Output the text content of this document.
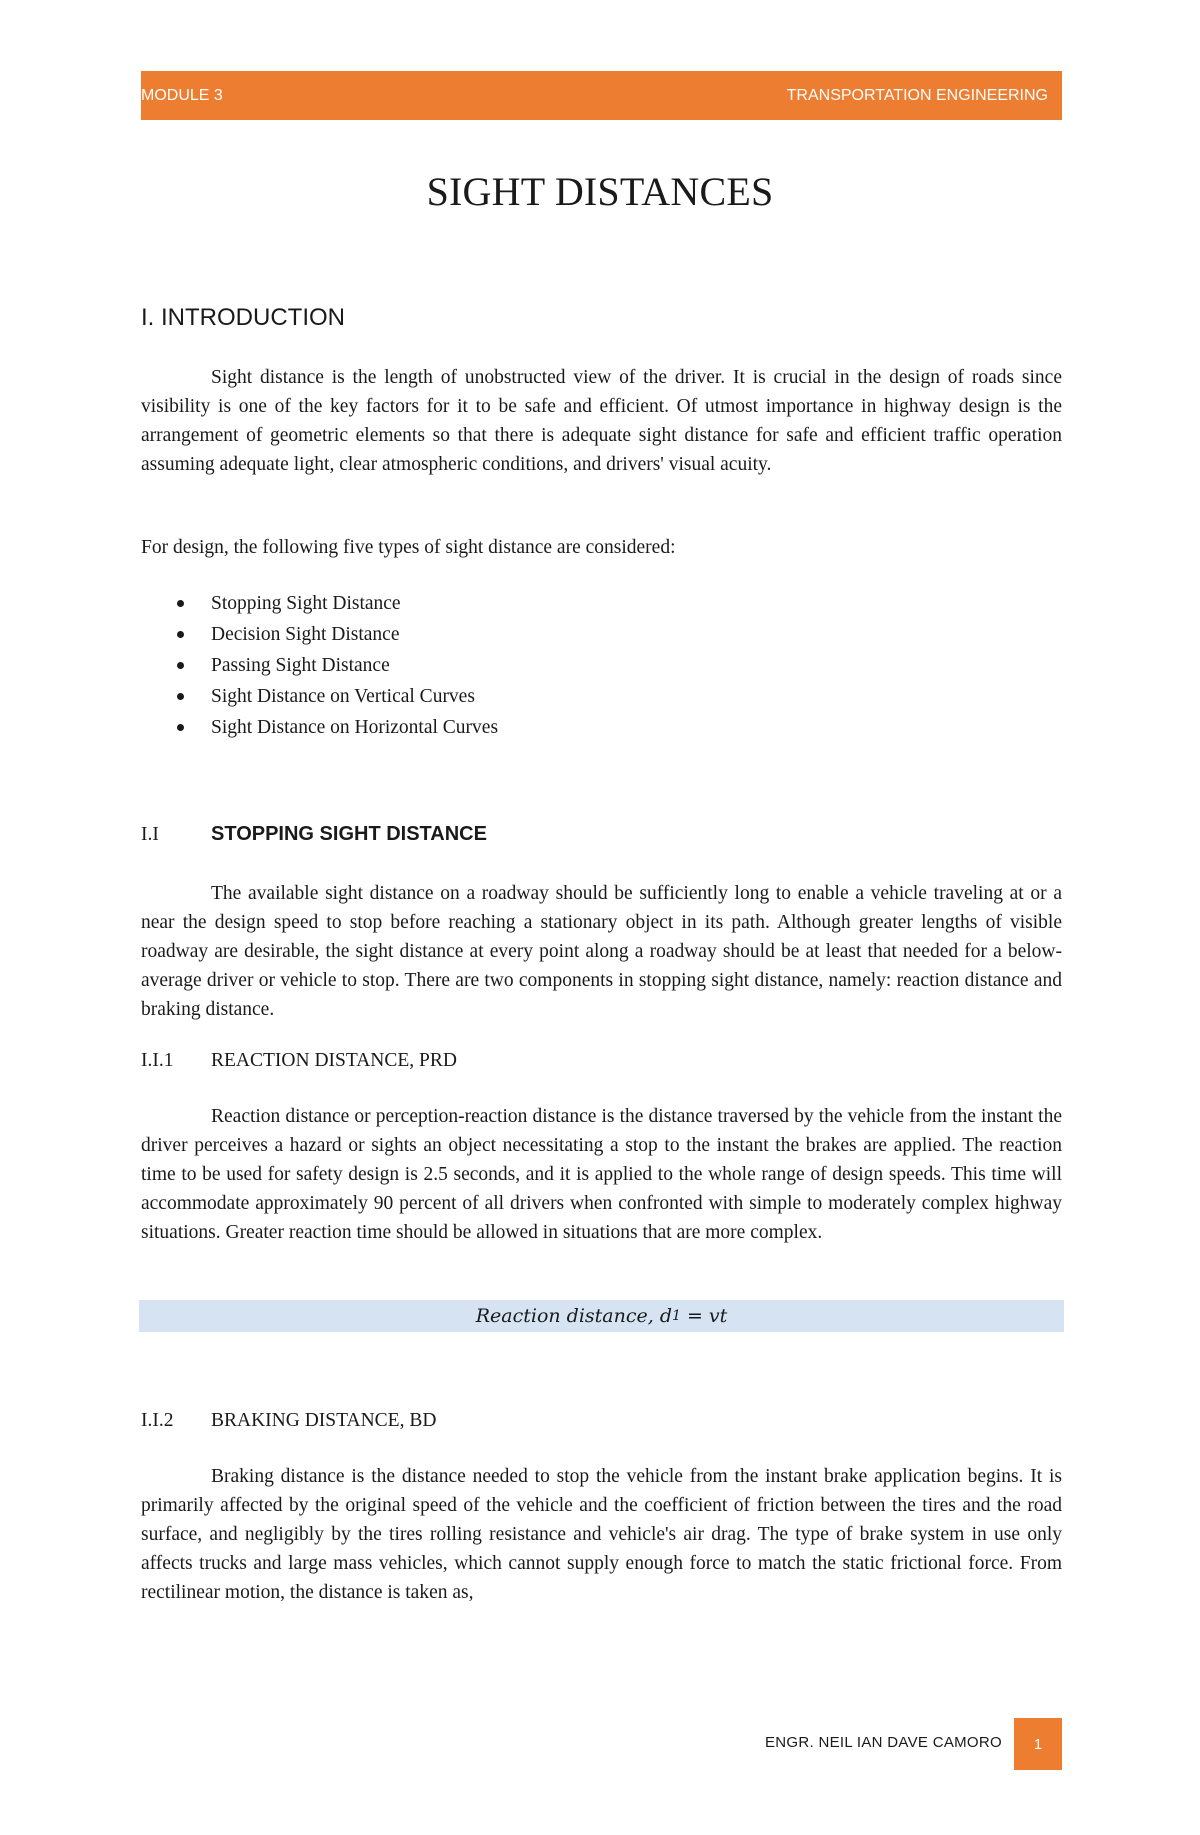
MODULE 3	TRANSPORTATION ENGINEERING
SIGHT DISTANCES
I. INTRODUCTION

Sight distance is the length of unobstructed view of the driver. It is crucial in the design of roads since visibility is one of the key factors for it to be safe and efficient. Of utmost importance in highway design is the arrangement of geometric elements so that there is adequate sight distance for safe and efficient traffic operation assuming adequate light, clear atmospheric conditions, and drivers' visual acuity.

For design, the following five types of sight distance are considered:

Stopping Sight Distance
Decision Sight Distance
Passing Sight Distance
Sight Distance on Vertical Curves
Sight Distance on Horizontal Curves
I.I	STOPPING SIGHT DISTANCE

The available sight distance on a roadway should be sufficiently long to enable a vehicle traveling at or a near the design speed to stop before reaching a stationary object in its path. Although greater lengths of visible roadway are desirable, the sight distance at every point along a roadway should be at least that needed for a below-average driver or vehicle to stop. There are two components in stopping sight distance, namely: reaction distance and braking distance.

I.I.1	REACTION DISTANCE, PRD

Reaction distance or perception-reaction distance is the distance traversed by the vehicle from the instant the driver perceives a hazard or sights an object necessitating a stop to the instant the brakes are applied. The reaction time to be used for safety design is 2.5 seconds, and it is applied to the whole range of design speeds. This time will accommodate approximately 90 percent of all drivers when confronted with simple to moderately complex highway situations. Greater reaction time should be allowed in situations that are more complex.

Reaction distance, d 1 = vt
I.I.2	BRAKING DISTANCE, BD

Braking distance is the distance needed to stop the vehicle from the instant brake application begins. It is primarily affected by the original speed of the vehicle and the coefficient of friction between the tires and the road surface, and negligibly by the tires rolling resistance and vehicle's air drag. The type of brake system in use only affects trucks and large mass vehicles, which cannot supply enough force to match the static frictional force. From rectilinear motion, the distance is taken as,

ENGR. NEIL IAN DAVE CAMORO	1
